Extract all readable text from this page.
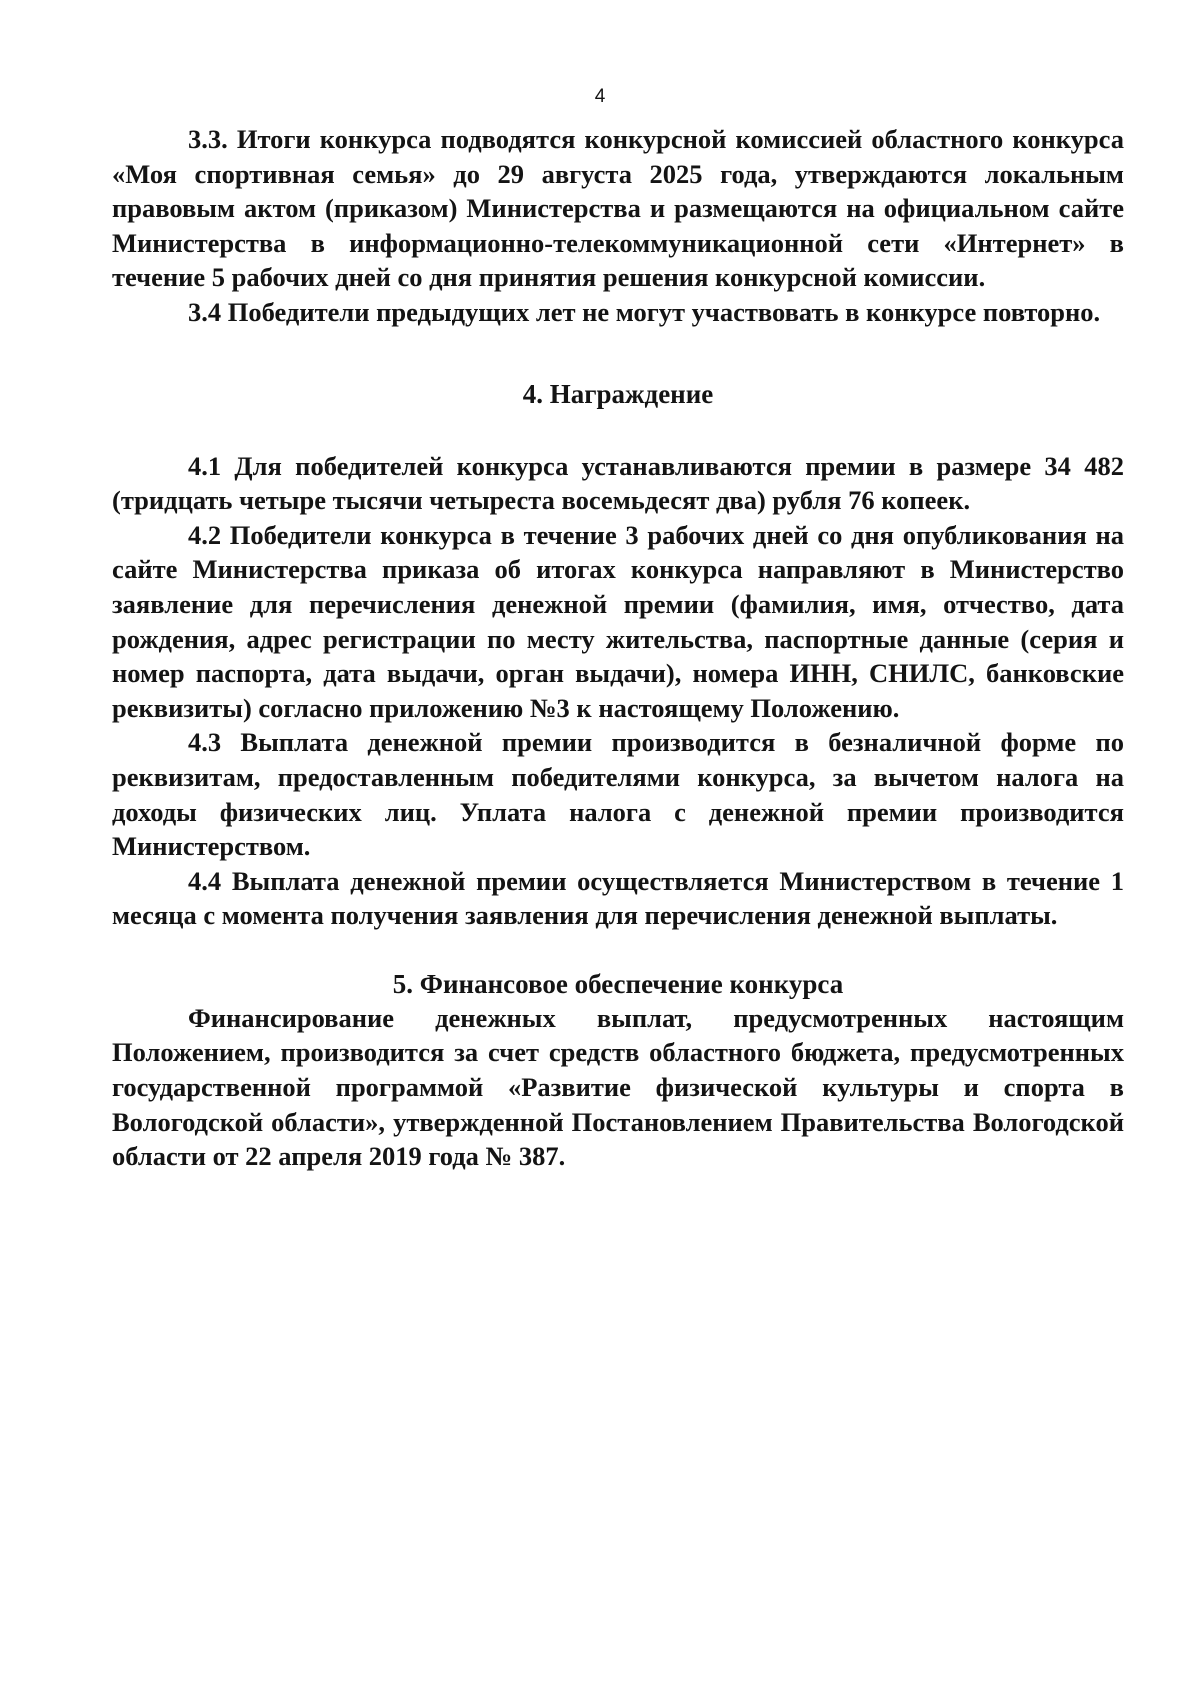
4

3.3. Итоги конкурса подводятся конкурсной комиссией областного конкурса «Моя спортивная семья» до 29 августа 2025 года, утверждаются локальным правовым актом (приказом) Министерства и размещаются на официальном сайте Министерства в информационно-телекоммуникационной сети «Интернет» в течение 5 рабочих дней со дня принятия решения конкурсной комиссии.

3.4 Победители предыдущих лет не могут участвовать в конкурсе повторно.

4. Награждение

4.1 Для победителей конкурса устанавливаются премии в размере 34 482 (тридцать четыре тысячи четыреста восемьдесят два) рубля 76 копеек.

4.2 Победители конкурса в течение 3 рабочих дней со дня опубликования на сайте Министерства приказа об итогах конкурса направляют в Министерство заявление для перечисления денежной премии (фамилия, имя, отчество, дата рождения, адрес регистрации по месту жительства, паспортные данные (серия и номер паспорта, дата выдачи, орган выдачи), номера ИНН, СНИЛС, банковские реквизиты) согласно приложению №3 к настоящему Положению.

4.3 Выплата денежной премии производится в безналичной форме по реквизитам, предоставленным победителями конкурса, за вычетом налога на доходы физических лиц. Уплата налога с денежной премии производится Министерством.

4.4 Выплата денежной премии осуществляется Министерством в течение 1 месяца с момента получения заявления для перечисления денежной выплаты.

5. Финансовое обеспечение конкурса

Финансирование денежных выплат, предусмотренных настоящим Положением, производится за счет средств областного бюджета, предусмотренных государственной программой «Развитие физической культуры и спорта в Вологодской области», утвержденной Постановлением Правительства Вологодской области от 22 апреля 2019 года № 387.
